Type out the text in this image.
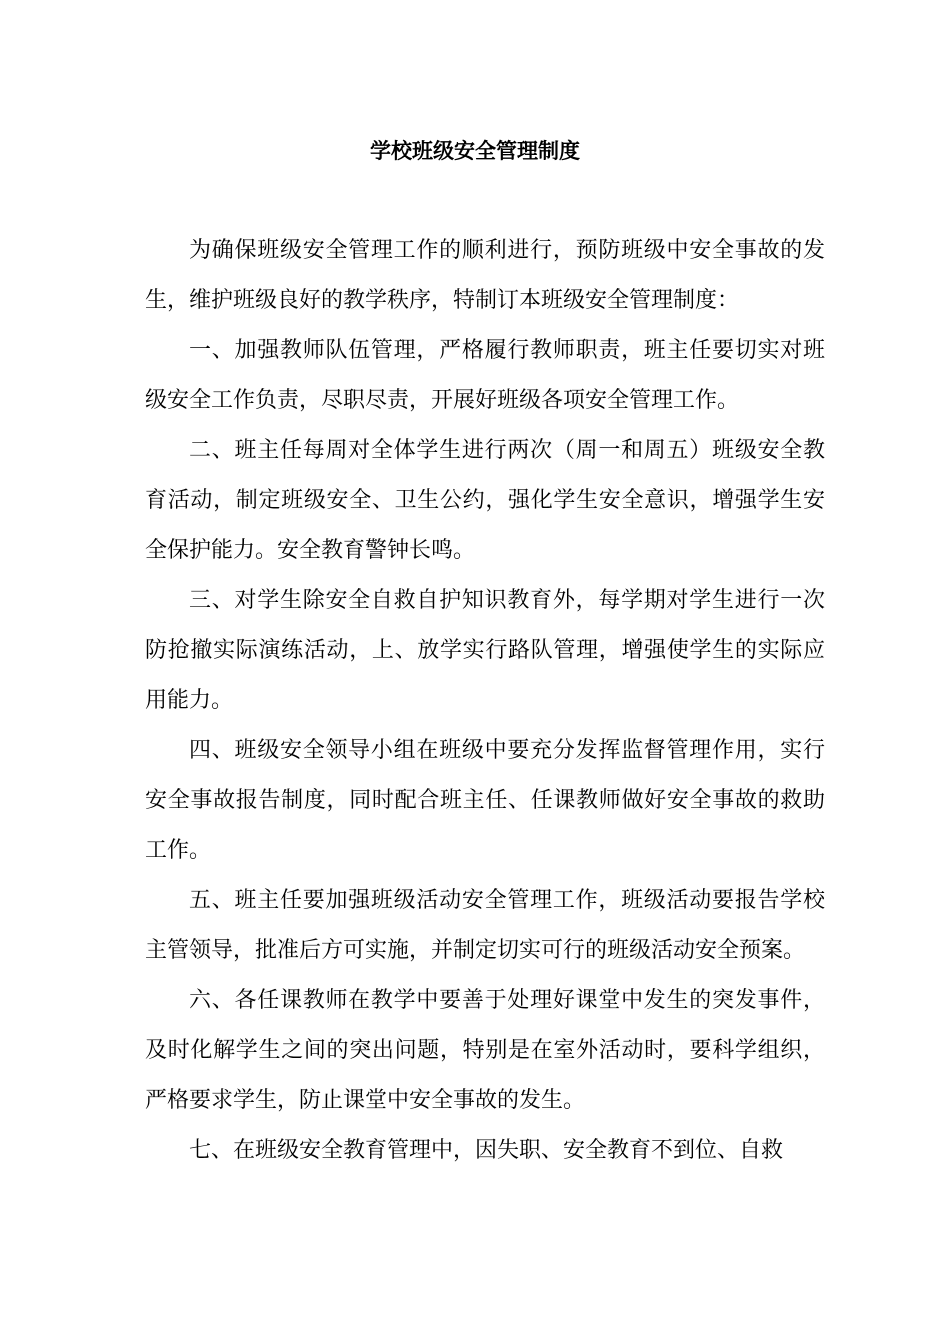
学校班级安全管理制度

为确保班级安全管理工作的顺利进行，预防班级中安全事故的发生，维护班级良好的教学秩序，特制订本班级安全管理制度：

一、加强教师队伍管理，严格履行教师职责，班主任要切实对班级安全工作负责，尽职尽责，开展好班级各项安全管理工作。

二、班主任每周对全体学生进行两次（周一和周五）班级安全教育活动，制定班级安全、卫生公约，强化学生安全意识，增强学生安全保护能力。安全教育警钟长鸣。

三、对学生除安全自救自护知识教育外，每学期对学生进行一次防抢撤实际演练活动，上、放学实行路队管理，增强使学生的实际应用能力。

四、班级安全领导小组在班级中要充分发挥监督管理作用，实行安全事故报告制度，同时配合班主任、任课教师做好安全事故的救助工作。

五、班主任要加强班级活动安全管理工作，班级活动要报告学校主管领导，批准后方可实施，并制定切实可行的班级活动安全预案。

六、各任课教师在教学中要善于处理好课堂中发生的突发事件，及时化解学生之间的突出问题，特别是在室外活动时，要科学组织，严格要求学生，防止课堂中安全事故的发生。

七、在班级安全教育管理中，因失职、安全教育不到位、自救
